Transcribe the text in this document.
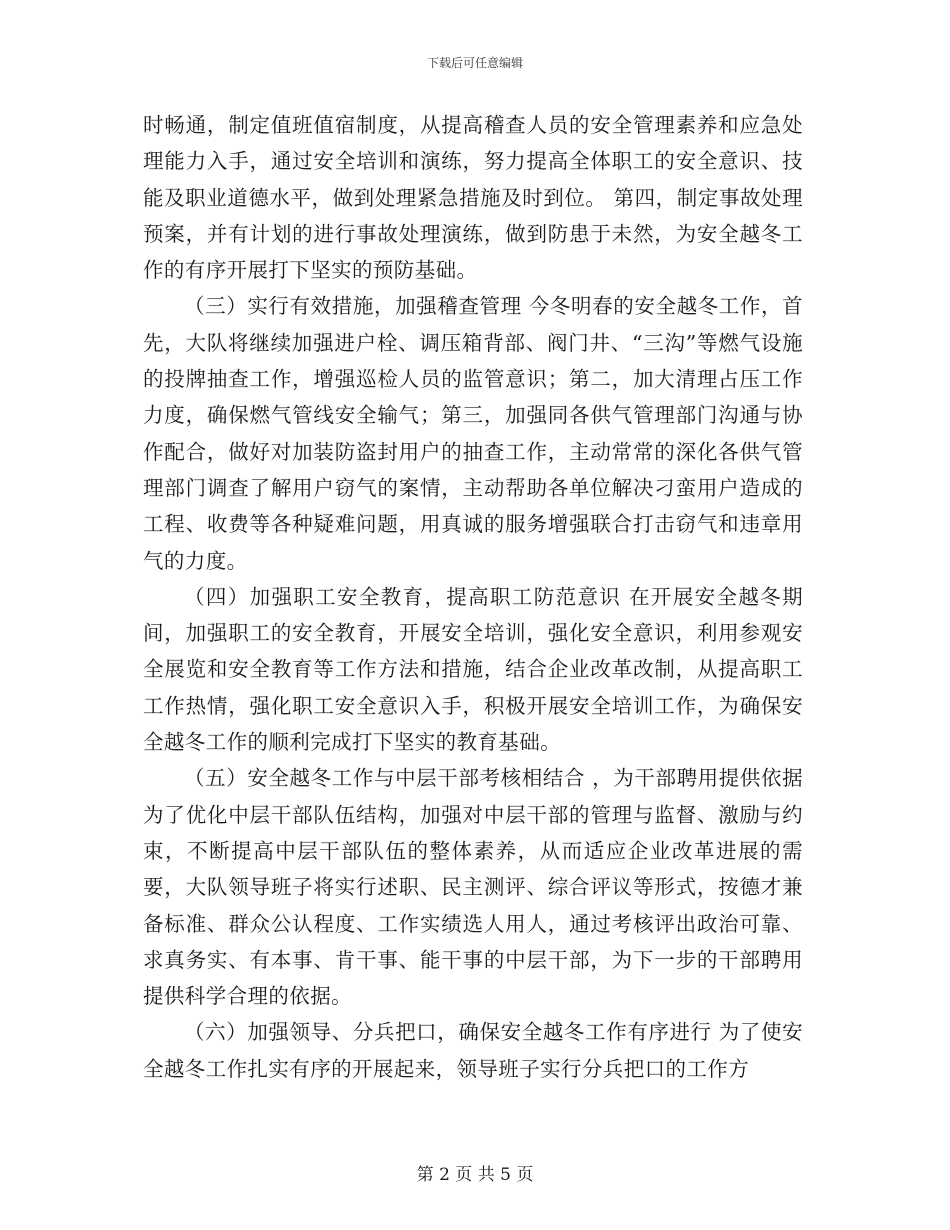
下载后可任意编辑

时畅通，制定值班值宿制度，从提高稽查人员的安全管理素养和应急处理能力入手，通过安全培训和演练，努力提高全体职工的安全意识、技能及职业道德水平，做到处理紧急措施及时到位。 第四，制定事故处理预案，并有计划的进行事故处理演练，做到防患于未然，为安全越冬工作的有序开展打下坚实的预防基础。

（三）实行有效措施，加强稽查管理 今冬明春的安全越冬工作，首先，大队将继续加强进户栓、调压箱背部、阀门井、“三沟”等燃气设施的投牌抽查工作，增强巡检人员的监管意识；第二，加大清理占压工作力度，确保燃气管线安全输气；第三，加强同各供气管理部门沟通与协作配合，做好对加装防盗封用户的抽查工作，主动常常的深化各供气管理部门调查了解用户窃气的案情，主动帮助各单位解决刁蛮用户造成的工程、收费等各种疑难问题，用真诚的服务增强联合打击窃气和违章用气的力度。

（四）加强职工安全教育，提高职工防范意识 在开展安全越冬期间，加强职工的安全教育，开展安全培训，强化安全意识，利用参观安全展览和安全教育等工作方法和措施，结合企业改革改制，从提高职工工作热情，强化职工安全意识入手，积极开展安全培训工作，为确保安全越冬工作的顺利完成打下坚实的教育基础。

（五）安全越冬工作与中层干部考核相结合 ，为干部聘用提供依据 为了优化中层干部队伍结构，加强对中层干部的管理与监督、激励与约束，不断提高中层干部队伍的整体素养，从而适应企业改革进展的需要，大队领导班子将实行述职、民主测评、综合评议等形式，按德才兼备标准、群众公认程度、工作实绩选人用人，通过考核评出政治可靠、求真务实、有本事、肯干事、能干事的中层干部，为下一步的干部聘用提供科学合理的依据。

（六）加强领导、分兵把口，确保安全越冬工作有序进行 为了使安全越冬工作扎实有序的开展起来，领导班子实行分兵把口的工作方

第 2 页 共 5 页
